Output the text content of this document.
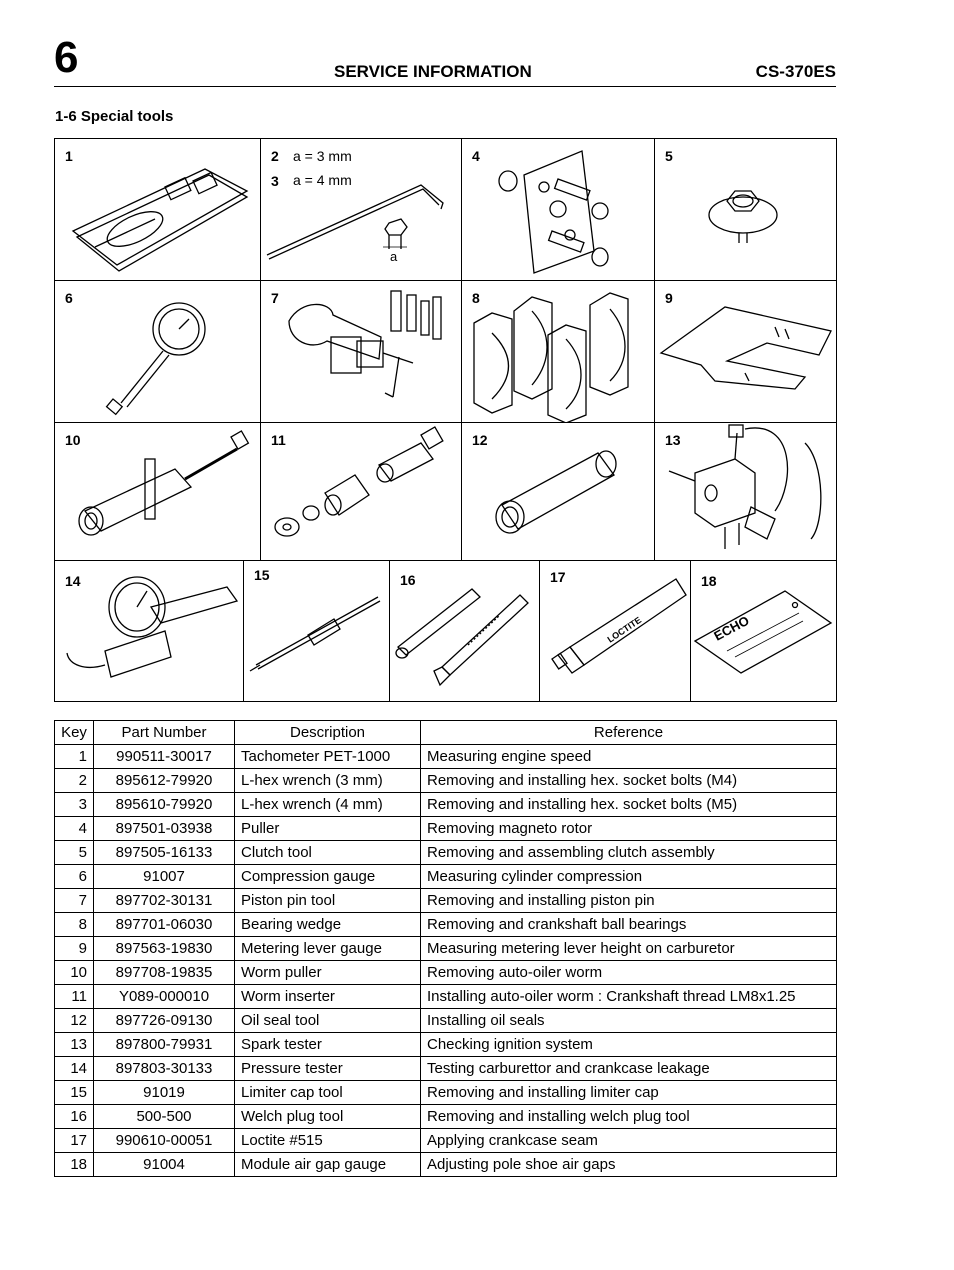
6	SERVICE INFORMATION	CS-370ES
1-6 Special tools
1	2
3
a = 3 mm
a = 4 mm
a
4	5
6	7	8	9
10	11	12	13
14	15	16	17
LOCTITE
18
ECHO
Key	Part Number	Description	Reference
1	990511-30017	Tachometer PET-1000	Measuring engine speed
2	895612-79920	L-hex wrench (3 mm)	Removing and installing hex. socket bolts (M4)
3	895610-79920	L-hex wrench (4 mm)	Removing and installing hex. socket bolts (M5)
4	897501-03938	Puller	Removing magneto rotor
5	897505-16133	Clutch tool	Removing and assembling clutch assembly
6	91007	Compression gauge	Measuring cylinder compression
7	897702-30131	Piston pin tool	Removing and installing piston pin
8	897701-06030	Bearing wedge	Removing and crankshaft ball bearings
9	897563-19830	Metering lever gauge	Measuring metering lever height on carburetor
10	897708-19835	Worm puller	Removing auto-oiler worm
11	Y089-000010	Worm inserter	Installing auto-oiler worm : Crankshaft thread LM8x1.25
12	897726-09130	Oil seal tool	Installing oil seals
13	897800-79931	Spark tester	Checking ignition system
14	897803-30133	Pressure tester	Testing carburettor and crankcase leakage
15	91019	Limiter cap tool	Removing and installing limiter cap
16	500-500	Welch plug tool	Removing and installing welch plug tool
17	990610-00051	Loctite #515	Applying crankcase seam
18	91004	Module air gap gauge	Adjusting pole shoe air gaps
